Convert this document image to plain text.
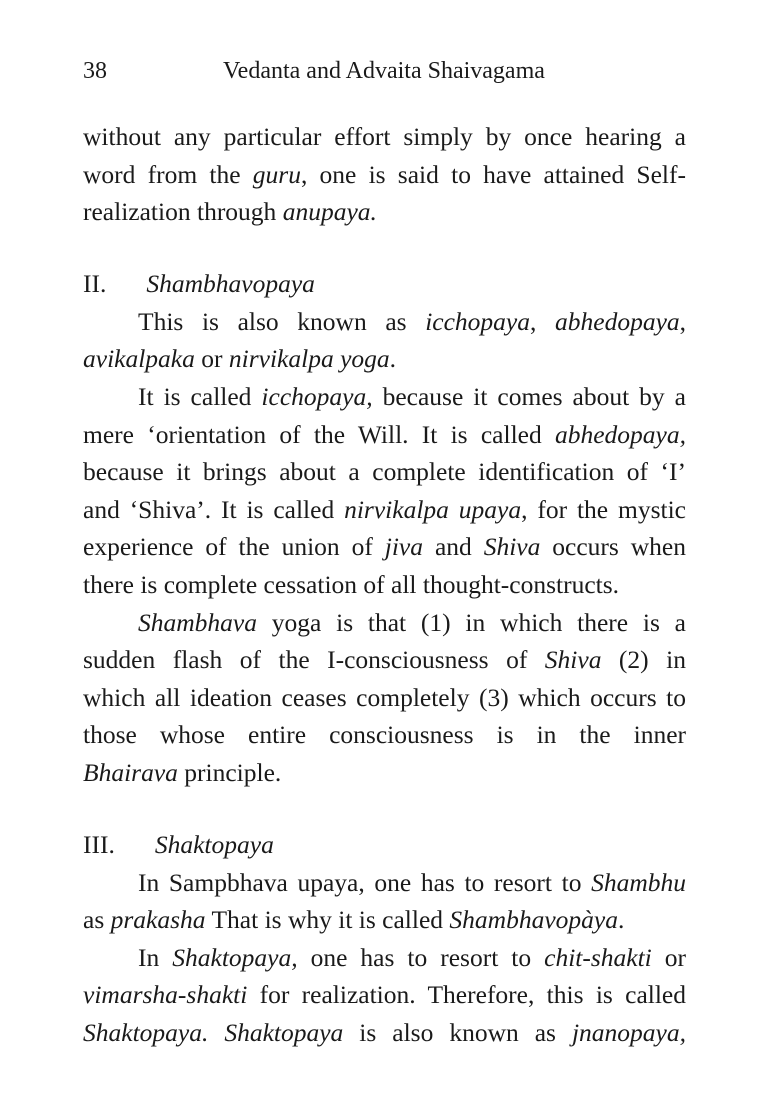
38	Vedanta and Advaita Shaivagama
without any particular effort simply by once hearing a
word from the guru, one is said to have attained Self-
realization through anupaya.
II. Shambhavopaya
This is also known as icchopaya, abhedopaya,
avikalpaka or nirvikalpa yoga.
It is called icchopaya, because it comes about by a
mere ‘orientation of the Will. It is called abhedopaya,
because it brings about a complete identification of ‘I’
and ‘Shiva’. It is called nirvikalpa upaya, for the mystic
experience of the union of jiva and Shiva occurs when
there is complete cessation of all thought-constructs.
Shambhava yoga is that (1) in which there is a
sudden flash of the I-consciousness of Shiva (2) in
which all ideation ceases completely (3) which occurs to
those whose entire consciousness is in the inner
Bhairava principle.
III. Shaktopaya
In Sampbhava upaya, one has to resort to Shambhu
as prakasha That is why it is called Shambhavopàya.
In Shaktopaya, one has to resort to chit-shakti or
vimarsha-shakti for realization. Therefore, this is called
Shaktopaya. Shaktopaya is also known as jnanopaya,
